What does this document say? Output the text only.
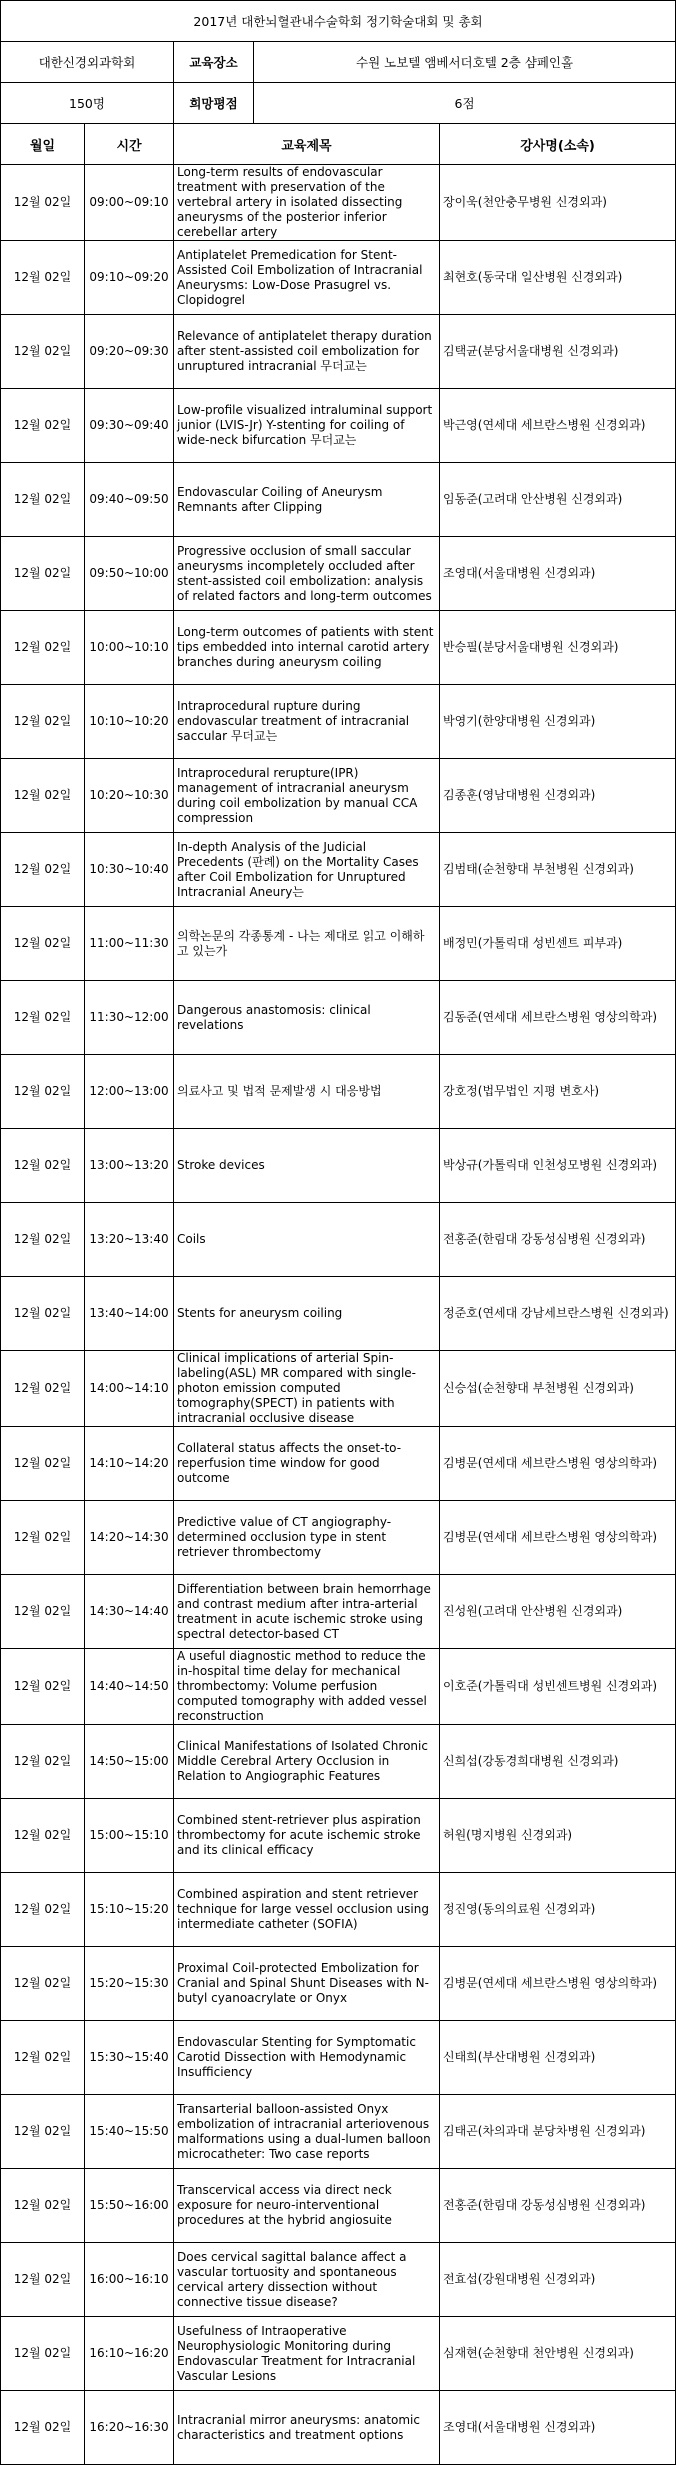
2017년 대한뇌혈관내수술학회 정기학술대회 및 총회				
대한신경외과학회		교육장소	수원 노보텔 앰베서더호텔 2층 샴페인홀	
150명		희망평점	6점	
월일	시간	교육제목		강사명(소속)
12월 02일	09:00~09:10	Long-term results of endovascular treatment with preservation of the vertebral artery in isolated dissecting aneurysms of the posterior inferior cerebellar artery		장이욱(천안충무병원 신경외과)
12월 02일	09:10~09:20	Antiplatelet Premedication for Stent-Assisted Coil Embolization of Intracranial Aneurysms: Low-Dose Prasugrel vs. Clopidogrel		최현호(동국대 일산병원 신경외과)
12월 02일	09:20~09:30	Relevance of antiplatelet therapy duration after stent-assisted coil embolization for unruptured intracranial 무더교는		김택균(분당서울대병원 신경외과)
12월 02일	09:30~09:40	Low-profile visualized intraluminal support junior (LVIS-Jr) Y-stenting for coiling of wide-neck bifurcation 무더교는		박근영(연세대 세브란스병원 신경외과)
12월 02일	09:40~09:50	Endovascular Coiling of Aneurysm Remnants after Clipping		임동준(고려대 안산병원 신경외과)
12월 02일	09:50~10:00	Progressive occlusion of small saccular aneurysms incompletely occluded after stent-assisted coil embolization: analysis of related factors and long-term outcomes		조영대(서울대병원 신경외과)
12월 02일	10:00~10:10	Long-term outcomes of patients with stent tips embedded into internal carotid artery branches during aneurysm coiling		반승필(분당서울대병원 신경외과)
12월 02일	10:10~10:20	Intraprocedural rupture during endovascular treatment of intracranial saccular 무더교는		박영기(한양대병원 신경외과)
12월 02일	10:20~10:30	Intraprocedural rerupture(IPR) management of intracranial aneurysm during coil embolization by manual CCA compression		김종훈(영남대병원 신경외과)
12월 02일	10:30~10:40	In-depth Analysis of the Judicial Precedents (판례) on the Mortality Cases after Coil Embolization for Unruptured Intracranial Aneury는		김범태(순천향대 부천병원 신경외과)
12월 02일	11:00~11:30	의학논문의 각종통계 - 나는 제대로 읽고 이해하고 있는가		배정민(가톨릭대 성빈센트 피부과)
12월 02일	11:30~12:00	Dangerous anastomosis: clinical revelations		김동준(연세대 세브란스병원 영상의학과)
12월 02일	12:00~13:00	의료사고 및 법적 문제발생 시 대응방법		강호정(법무법인 지평 변호사)
12월 02일	13:00~13:20	Stroke devices		박상규(가톨릭대 인천성모병원 신경외과)
12월 02일	13:20~13:40	Coils		전홍준(한림대 강동성심병원 신경외과)
12월 02일	13:40~14:00	Stents for aneurysm coiling		정준호(연세대 강남세브란스병원 신경외과)
12월 02일	14:00~14:10	Clinical implications of arterial Spin-labeling(ASL) MR compared with single-photon emission computed tomography(SPECT) in patients with intracranial occlusive disease		신승섭(순천향대 부천병원 신경외과)
12월 02일	14:10~14:20	Collateral status affects the onset-to-reperfusion time window for good outcome		김병문(연세대 세브란스병원 영상의학과)
12월 02일	14:20~14:30	Predictive value of CT angiography-determined occlusion type in stent retriever thrombectomy		김병문(연세대 세브란스병원 영상의학과)
12월 02일	14:30~14:40	Differentiation between brain hemorrhage and contrast medium after intra-arterial treatment in acute ischemic stroke using spectral detector-based CT		진성원(고려대 안산병원 신경외과)
12월 02일	14:40~14:50	A useful diagnostic method to reduce the in-hospital time delay for mechanical thrombectomy: Volume perfusion computed tomography with added vessel reconstruction		이호준(가톨릭대 성빈센트병원 신경외과)
12월 02일	14:50~15:00	Clinical Manifestations of Isolated Chronic Middle Cerebral Artery Occlusion in Relation to Angiographic Features		신희섭(강동경희대병원 신경외과)
12월 02일	15:00~15:10	Combined stent-retriever plus aspiration thrombectomy for acute ischemic stroke and its clinical efficacy		허원(명지병원 신경외과)
12월 02일	15:10~15:20	Combined aspiration and stent retriever technique for large vessel occlusion using intermediate catheter (SOFIA)		정진영(동의의료원 신경외과)
12월 02일	15:20~15:30	Proximal Coil-protected Embolization for Cranial and Spinal Shunt Diseases with N-butyl cyanoacrylate or Onyx		김병문(연세대 세브란스병원 영상의학과)
12월 02일	15:30~15:40	Endovascular Stenting for Symptomatic Carotid Dissection with Hemodynamic Insufficiency		신태희(부산대병원 신경외과)
12월 02일	15:40~15:50	Transarterial balloon-assisted Onyx embolization of intracranial arteriovenous malformations using a dual-lumen balloon microcatheter: Two case reports		김태곤(차의과대 분당차병원 신경외과)
12월 02일	15:50~16:00	Transcervical access via direct neck exposure for neuro-interventional procedures at the hybrid angiosuite		전홍준(한림대 강동성심병원 신경외과)
12월 02일	16:00~16:10	Does cervical sagittal balance affect a vascular tortuosity and spontaneous cervical artery dissection without connective tissue disease?		전효섭(강원대병원 신경외과)
12월 02일	16:10~16:20	Usefulness of Intraoperative Neurophysiologic Monitoring during Endovascular Treatment for Intracranial Vascular Lesions		심재현(순천향대 천안병원 신경외과)
12월 02일	16:20~16:30	Intracranial mirror aneurysms: anatomic characteristics and treatment options		조영대(서울대병원 신경외과)
